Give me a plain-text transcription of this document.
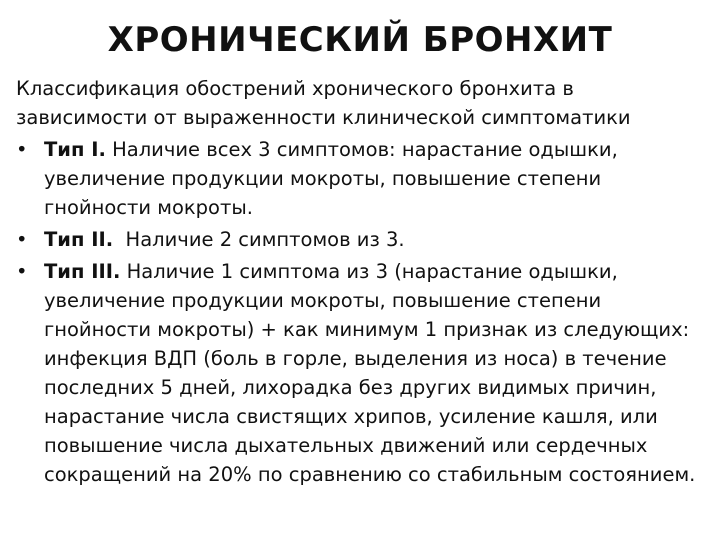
ХРОНИЧЕСКИЙ БРОНХИТ

Классификация обострений хронического бронхита в зависимости от выраженности клинической симптоматики

•
Тип I. Наличие всех 3 симптомов: нарастание одышки, увеличение продукции мокроты, повышение степени гнойности мокроты.
•
Тип II.  Наличие 2 симптомов из 3.
•
Тип III. Наличие 1 симптома из 3 (нарастание одышки, увеличение продукции мокроты, повышение степени гнойности мокроты) + как минимум 1 признак из следующих: инфекция ВДП (боль в горле, выделения из носа) в течение последних 5 дней, лихорадка без других видимых причин, нарастание числа свистящих хрипов, усиление кашля, или повышение числа дыхательных движений или сердечных сокращений на 20% по сравнению со стабильным состоянием.
